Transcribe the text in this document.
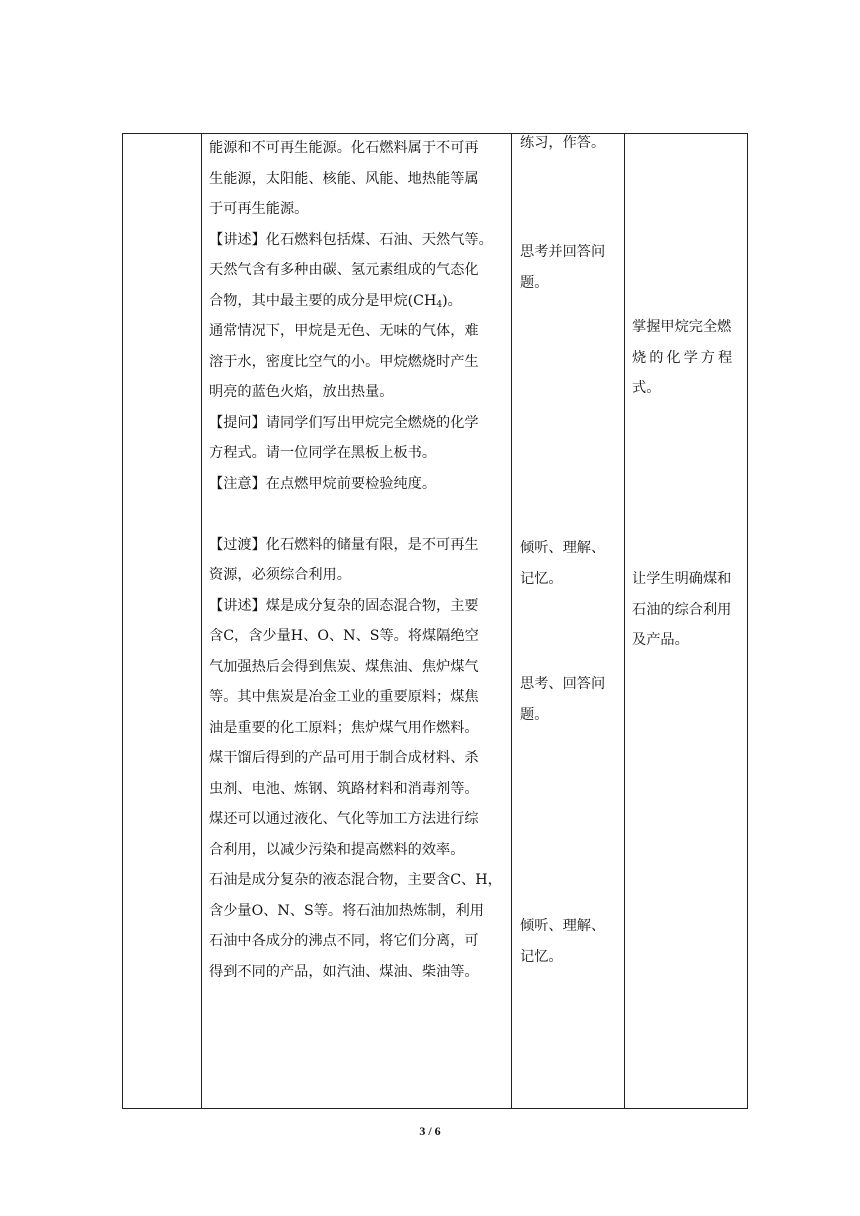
能源和不可再生能源。化石燃料属于不可再

生能源，太阳能、核能、风能、地热能等属

于可再生能源。

【讲述】化石燃料包括煤、石油、天然气等。

天然气含有多种由碳、氢元素组成的气态化

合物，其中最主要的成分是甲烷$(CH_4)$。

通常情况下，甲烷是无色、无味的气体，难

溶于水，密度比空气的小。甲烷燃烧时产生

明亮的蓝色火焰，放出热量。

【提问】请同学们写出甲烷完全燃烧的化学

方程式。请一位同学在黑板上板书。

【注意】在点燃甲烷前要检验纯度。

【过渡】化石燃料的储量有限，是不可再生

资源，必须综合利用。

【讲述】煤是成分复杂的固态混合物，主要

含C，含少量H、O、N、S等。将煤隔绝空

气加强热后会得到焦炭、煤焦油、焦炉煤气

等。其中焦炭是冶金工业的重要原料；煤焦

油是重要的化工原料；焦炉煤气用作燃料。

煤干馏后得到的产品可用于制合成材料、杀

虫剂、电池、炼钢、筑路材料和消毒剂等。

煤还可以通过液化、气化等加工方法进行综

合利用，以减少污染和提高燃料的效率。

石油是成分复杂的液态混合物，主要含C、H，

含少量O、N、S等。将石油加热炼制，利用

石油中各成分的沸点不同，将它们分离，可

得到不同的产品，如汽油、煤油、柴油等。

练习，作答。
思考并回答问
题。
倾听、理解、
记忆。
思考、回答问
题。
倾听、理解、
记忆。
掌握甲烷完全燃
烧的化学方程
式。
让学生明确煤和
石油的综合利用
及产品。
3 / 6
